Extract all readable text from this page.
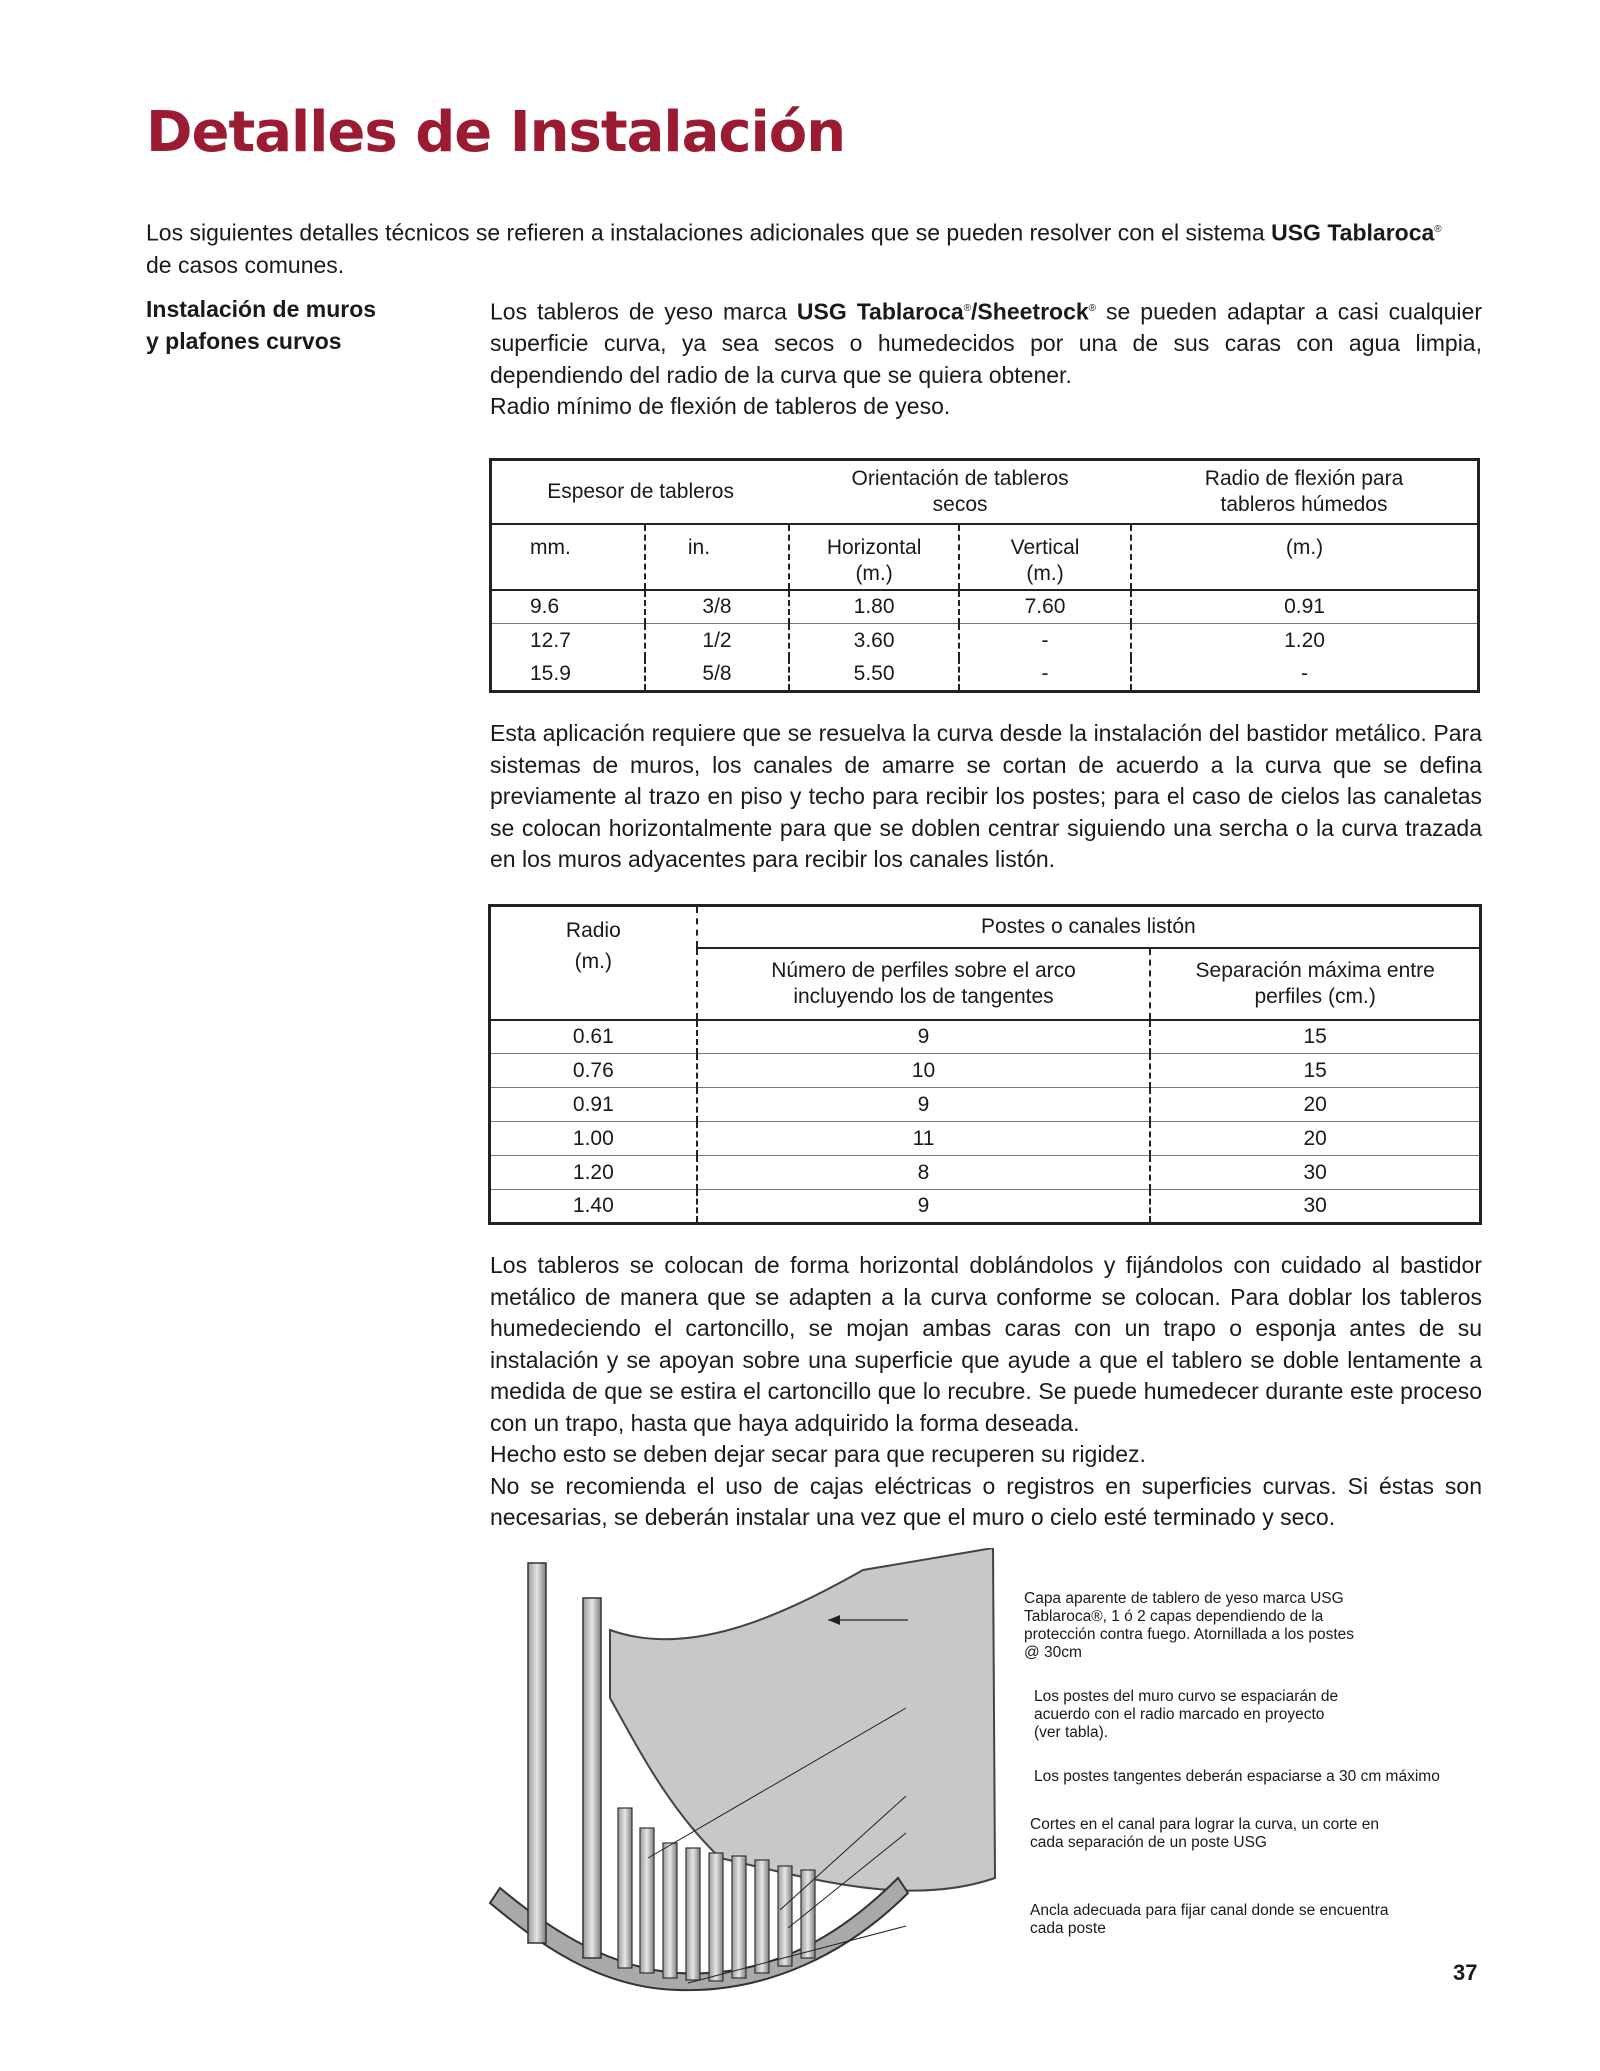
Detalles de Instalación

Los siguientes detalles técnicos se refieren a instalaciones adicionales que se pueden resolver con el sistema USG Tablaroca®
de casos comunes.

Instalación de muros
y plafones curvos

Los tableros de yeso marca USG Tablaroca®/Sheetrock® se pueden adaptar a casi cualquier superficie curva, ya sea secos o humedecidos por una de sus caras con agua limpia, dependiendo del radio de la curva que se quiera obtener.
Radio mínimo de flexión de tableros de yeso.

Espesor de tableros		Orientación de tableros secos		Radio de flexión para tableros húmedos
mm.	in.	Horizontal (m.)	Vertical (m.)	(m.)
9.6	3/8	1.80	7.60	0.91
12.7	1/2	3.60	-	1.20
15.9	5/8	5.50	-	-

Esta aplicación requiere que se resuelva la curva desde la instalación del bastidor metálico. Para sistemas de muros, los canales de amarre se cortan de acuerdo a la curva que se defina previamente al trazo en piso y techo para recibir los postes; para el caso de cielos las canaletas se colocan horizontalmente para que se doblen centrar siguiendo una sercha o la curva trazada en los muros adyacentes para recibir los canales listón.

Radio
(m.)	Postes o canales listón	
	Número de perfiles sobre el arco incluyendo los de tangentes	Separación máxima entre perfiles (cm.)
0.61	9	15
0.76	10	15
0.91	9	20
1.00	11	20
1.20	8	30
1.40	9	30

Los tableros se colocan de forma horizontal doblándolos y fijándolos con cuidado al bastidor metálico de manera que se adapten a la curva conforme se colocan. Para doblar los tableros humedeciendo el cartoncillo, se mojan ambas caras con un trapo o esponja antes de su instalación y se apoyan sobre una superficie que ayude a que el tablero se doble lentamente a medida de que se estira el cartoncillo que lo recubre. Se puede humedecer durante este proceso con un trapo, hasta que haya adquirido la forma deseada.
Hecho esto se deben dejar secar para que recuperen su rigidez.
No se recomienda el uso de cajas eléctricas o registros en superficies curvas. Si éstas son necesarias, se deberán instalar una vez que el muro o cielo esté terminado y seco.

Capa aparente de tablero de yeso marca USG Tablaroca®, 1 ó 2 capas dependiendo de la protección contra fuego. Atornillada a los postes @ 30cm

Los postes del muro curvo se espaciarán de acuerdo con el radio marcado en proyecto (ver tabla).

Los postes tangentes deberán espaciarse a 30 cm máximo

Cortes en el canal para lograr la curva, un corte en cada separación de un poste USG

Ancla adecuada para fijar canal donde se encuentra cada poste

37
